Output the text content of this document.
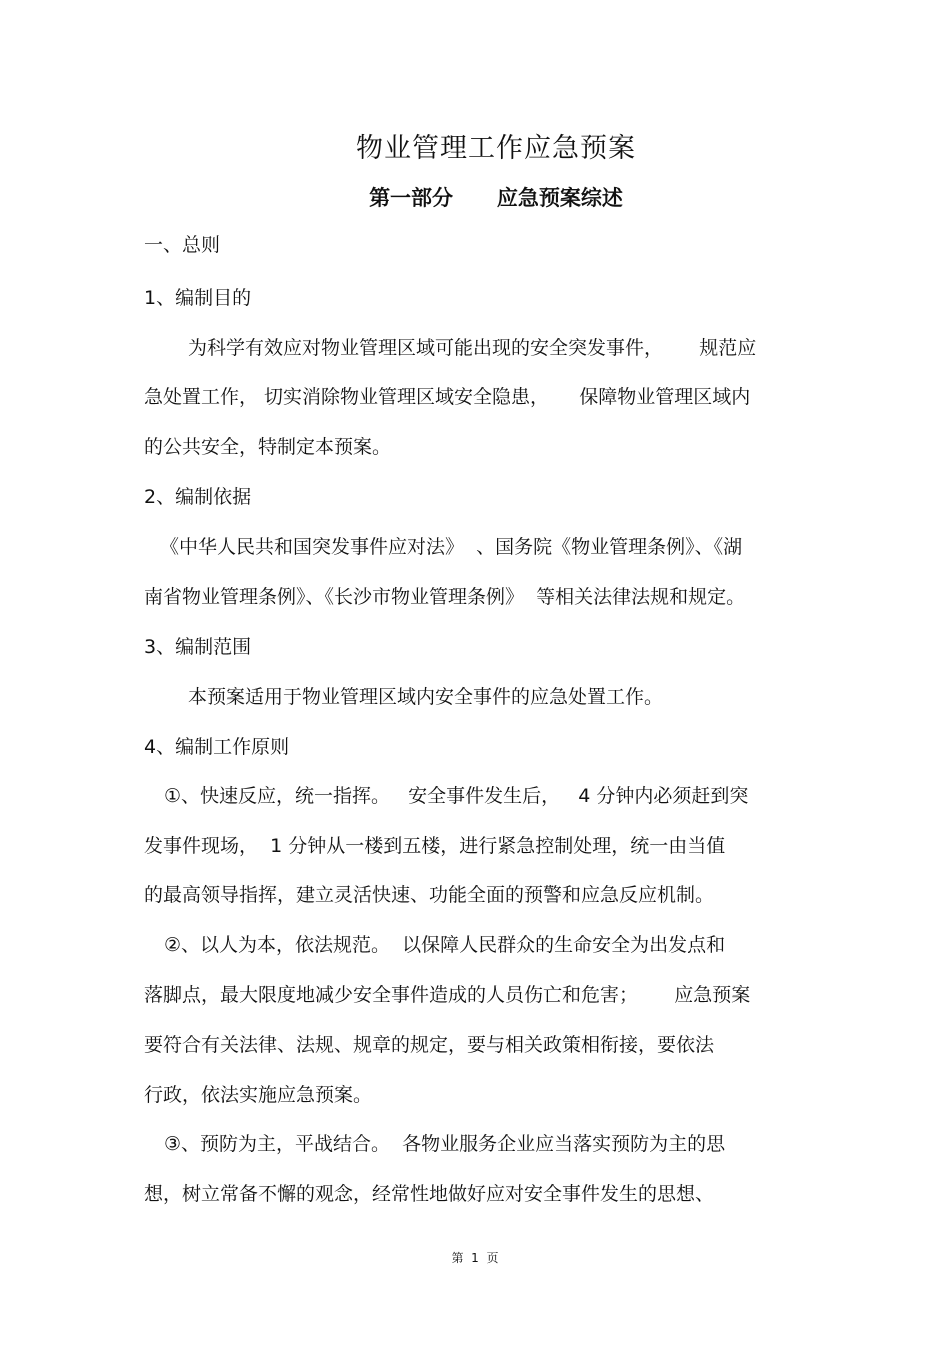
物业管理工作应急预案
第一部分      应急预案综述

一、总则

1、编制目的

为科学有效应对物业管理区域可能出现的安全突发事件，      规范应

急处置工作， 切实消除物业管理区域安全隐患，     保障物业管理区域内

的公共安全，特制定本预案。

2、编制依据

《中华人民共和国突发事件应对法》  、国务院《物业管理条例》、《湖

南省物业管理条例》、《长沙市物业管理条例》  等相关法律法规和规定。

3、编制范围

本预案适用于物业管理区域内安全事件的应急处置工作。

4、编制工作原则

①、快速反应，统一指挥。   安全事件发生后，   4 分钟内必须赶到突

发事件现场，  1 分钟从一楼到五楼，进行紧急控制处理，统一由当值

的最高领导指挥，建立灵活快速、功能全面的预警和应急反应机制。

②、以人为本，依法规范。  以保障人民群众的生命安全为出发点和

落脚点，最大限度地减少安全事件造成的人员伤亡和危害；      应急预案

要符合有关法律、法规、规章的规定，要与相关政策相衔接，要依法

行政，依法实施应急预案。

③、预防为主，平战结合。  各物业服务企业应当落实预防为主的思

想，树立常备不懈的观念，经常性地做好应对安全事件发生的思想、

第  1  页
